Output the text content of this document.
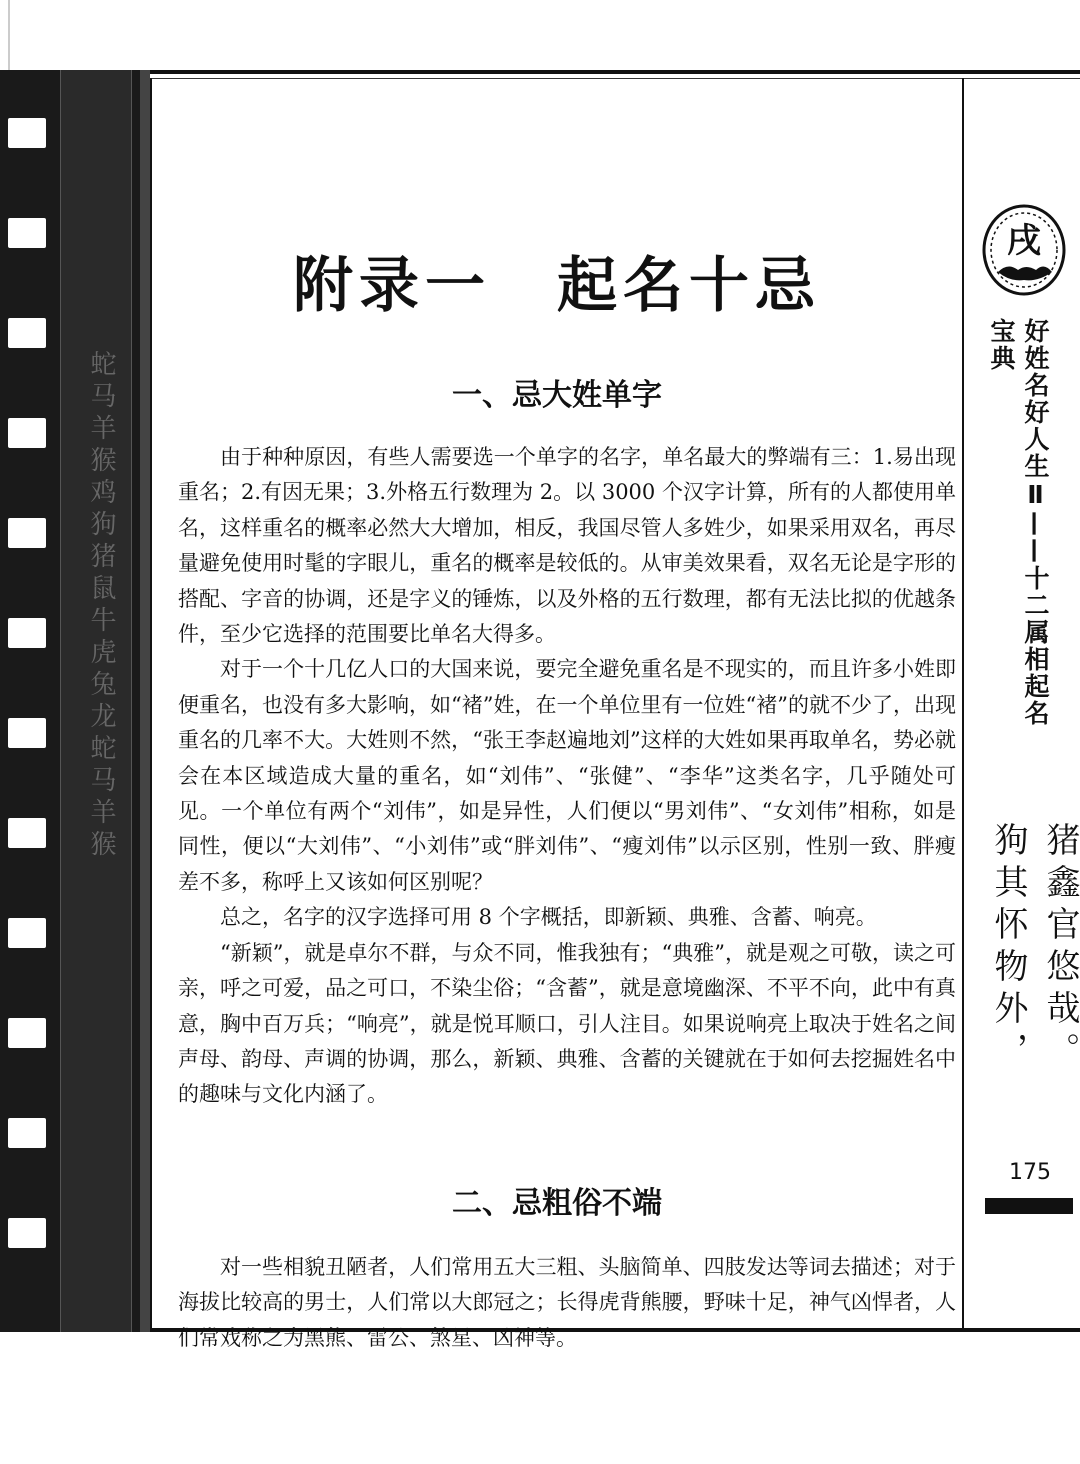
蛇马羊猴鸡狗猪鼠牛虎兔龙蛇马羊猴
附录一　起名十忌
一、忌大姓单字

由于种种原因，有些人需要选一个单字的名字，单名最大的弊端有三：1.易出现重名；2.有因无果；3.外格五行数理为 2。以 3000 个汉字计算，所有的人都使用单名，这样重名的概率必然大大增加，相反，我国尽管人多姓少，如果采用双名，再尽量避免使用时髦的字眼儿，重名的概率是较低的。从审美效果看，双名无论是字形的搭配、字音的协调，还是字义的锤炼，以及外格的五行数理，都有无法比拟的优越条件，至少它选择的范围要比单名大得多。

对于一个十几亿人口的大国来说，要完全避免重名是不现实的，而且许多小姓即便重名，也没有多大影响，如“褚”姓，在一个单位里有一位姓“褚”的就不少了，出现重名的几率不大。大姓则不然，“张王李赵遍地刘”这样的大姓如果再取单名，势必就会在本区域造成大量的重名，如“刘伟”、“张健”、“李华”这类名字，几乎随处可见。一个单位有两个“刘伟”，如是异性，人们便以“男刘伟”、“女刘伟”相称，如是同性，便以“大刘伟”、“小刘伟”或“胖刘伟”、“瘦刘伟”以示区别，性别一致、胖瘦差不多，称呼上又该如何区别呢？

总之，名字的汉字选择可用 8 个字概括，即新颖、典雅、含蓄、响亮。

“新颖”，就是卓尔不群，与众不同，惟我独有；“典雅”，就是观之可敬，读之可亲，呼之可爱，品之可口，不染尘俗；“含蓄”，就是意境幽深、不平不向，此中有真意，胸中百万兵；“响亮”，就是悦耳顺口，引人注目。如果说响亮上取决于姓名之间声母、韵母、声调的协调，那么，新颖、典雅、含蓄的关键就在于如何去挖掘姓名中的趣味与文化内涵了。

二、忌粗俗不端

对一些相貌丑陋者，人们常用五大三粗、头脑简单、四肢发达等词去描述；对于海拔比较高的男士，人们常以大郎冠之；长得虎背熊腰，野味十足，神气凶悍者，人们常戏称之为黑熊、雷公、煞星、凶神等。

戌
好姓名好人生Ⅱ——十二属相起名宝典
猪鑫官悠哉。
狗其怀物外，
175
